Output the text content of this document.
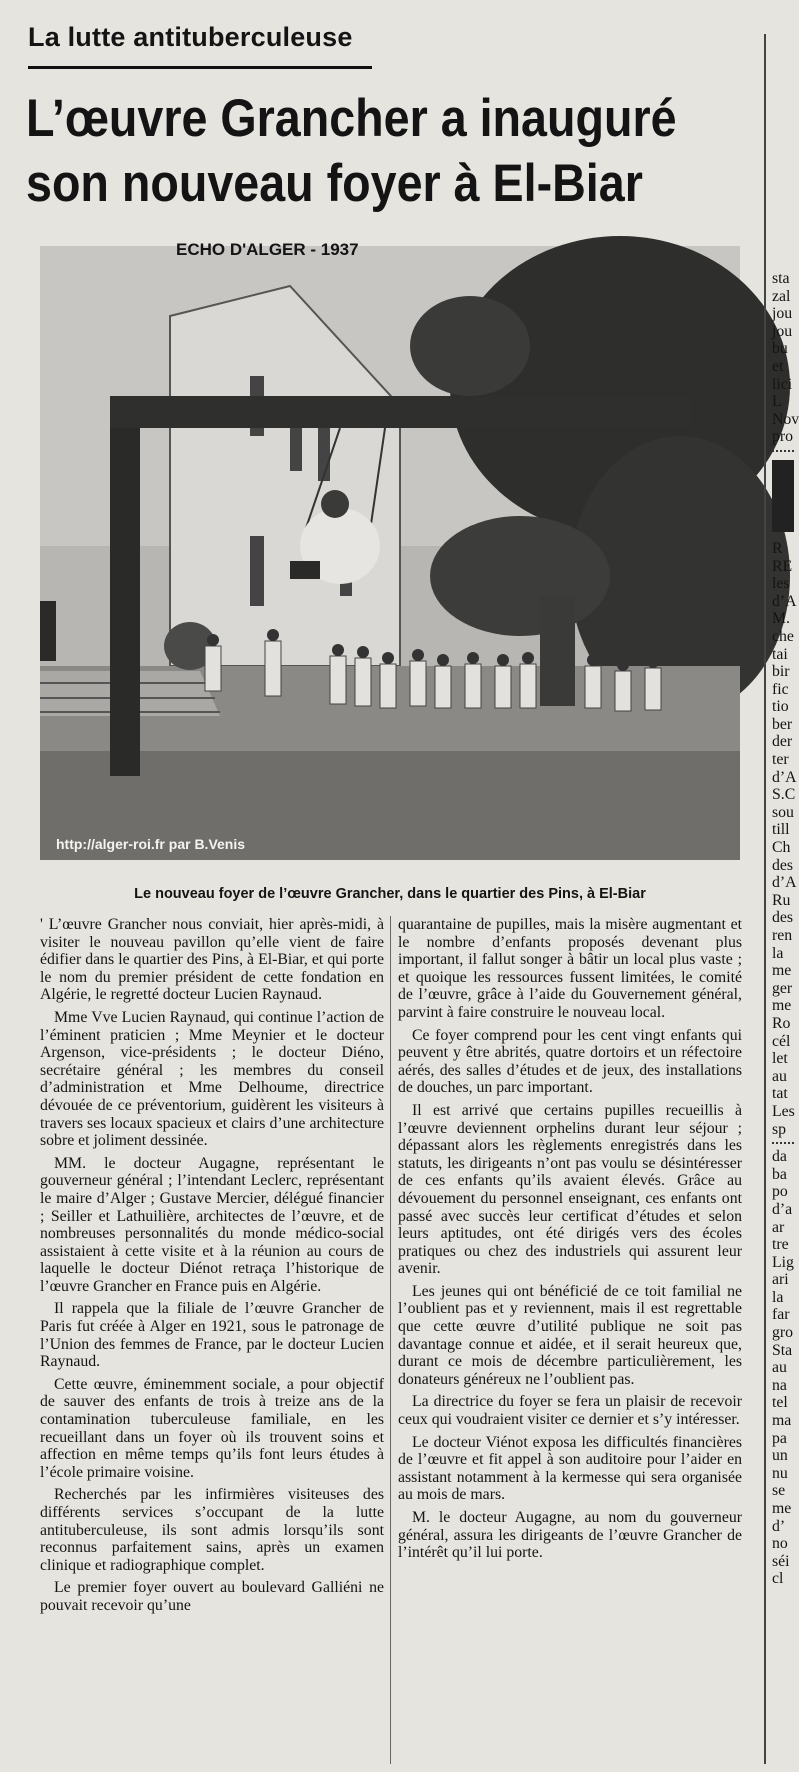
La lutte antituberculeuse
L’œuvre Grancher a inauguré
son nouveau foyer à El-Biar
ECHO D'ALGER - 1937
http://alger-roi.fr par B.Venis
Le nouveau foyer de l’œuvre Grancher, dans le quartier des Pins, à El-Biar

' L’œuvre Grancher nous conviait, hier après-midi, à visiter le nouveau pavillon qu’elle vient de faire édifier dans le quartier des Pins, à El-Biar, et qui porte le nom du premier président de cette fondation en Algérie, le regretté docteur Lucien Raynaud.

Mme Vve Lucien Raynaud, qui continue l’action de l’éminent praticien ; Mme Meynier et le docteur Argenson, vice-présidents ; le docteur Diéno, secrétaire général ; les membres du conseil d’administration et Mme Delhoume, directrice dévouée de ce préventorium, guidèrent les visiteurs à travers ses locaux spacieux et clairs d’une architecture sobre et joliment dessinée.

MM. le docteur Augagne, représentant le gouverneur général ; l’intendant Leclerc, représentant le maire d’Alger ; Gustave Mercier, délégué financier ; Seiller et Lathuilière, architectes de l’œuvre, et de nombreuses personnalités du monde médico-social assistaient à cette visite et à la réunion au cours de laquelle le docteur Diénot retraça l’historique de l’œuvre Grancher en France puis en Algérie.

Il rappela que la filiale de l’œuvre Grancher de Paris fut créée à Alger en 1921, sous le patronage de l’Union des femmes de France, par le docteur Lucien Raynaud.

Cette œuvre, éminemment sociale, a pour objectif de sauver des enfants de trois à treize ans de la contamination tuberculeuse familiale, en les recueillant dans un foyer où ils trouvent soins et affection en même temps qu’ils font leurs études à l’école primaire voisine.

Recherchés par les infirmières visiteuses des différents services s’occupant de la lutte antituberculeuse, ils sont admis lorsqu’ils sont reconnus parfaitement sains, après un examen clinique et radiographique complet.

Le premier foyer ouvert au boulevard Galliéni ne pouvait recevoir qu’une

quarantaine de pupilles, mais la misère augmentant et le nombre d’enfants proposés devenant plus important, il fallut songer à bâtir un local plus vaste ; et quoique les ressources fussent limitées, le comité de l’œuvre, grâce à l’aide du Gouvernement général, parvint à faire construire le nouveau local.

Ce foyer comprend pour les cent vingt enfants qui peuvent y être abrités, quatre dortoirs et un réfectoire aérés, des salles d’études et de jeux, des installations de douches, un parc important.

Il est arrivé que certains pupilles recueillis à l’œuvre deviennent orphelins durant leur séjour ; dépassant alors les règlements enregistrés dans les statuts, les dirigeants n’ont pas voulu se désintéresser de ces enfants qu’ils avaient élevés. Grâce au dévouement du personnel enseignant, ces enfants ont passé avec succès leur certificat d’études et selon leurs aptitudes, ont été dirigés vers des écoles pratiques ou chez des industriels qui assurent leur avenir.

Les jeunes qui ont bénéficié de ce toit familial ne l’oublient pas et y reviennent, mais il est regrettable que cette œuvre d’utilité publique ne soit pas davantage connue et aidée, et il serait heureux que, durant ce mois de décembre particulièrement, les donateurs généreux ne l’oublient pas.

La directrice du foyer se fera un plaisir de recevoir ceux qui voudraient visiter ce dernier et s’y intéresser.

Le docteur Viénot exposa les difficultés financières de l’œuvre et fit appel à son auditoire pour l’aider en assistant notamment à la kermesse qui sera organisée au mois de mars.

M. le docteur Augagne, au nom du gouverneur général, assura les dirigeants de l’œuvre Grancher de l’intérêt qu’il lui porte.

sta
zal
jou
jou
bu
et
lici
L
Nov
pro
R
RE
les
d’A
M.
che
tai
bir
fic
tio
ber
der
ter
d’A
S.C
sou
till
Ch
des
d’A
Ru
des
ren
la
me
ger
me
Ro
cél
let
au
tat
Les
sp
da
ba
po
d’a
ar
tre
Lig
ari
la
far
gro
Sta
au
na
tel
ma
pa
un
nu
se
me
d’
no
séi
cl
